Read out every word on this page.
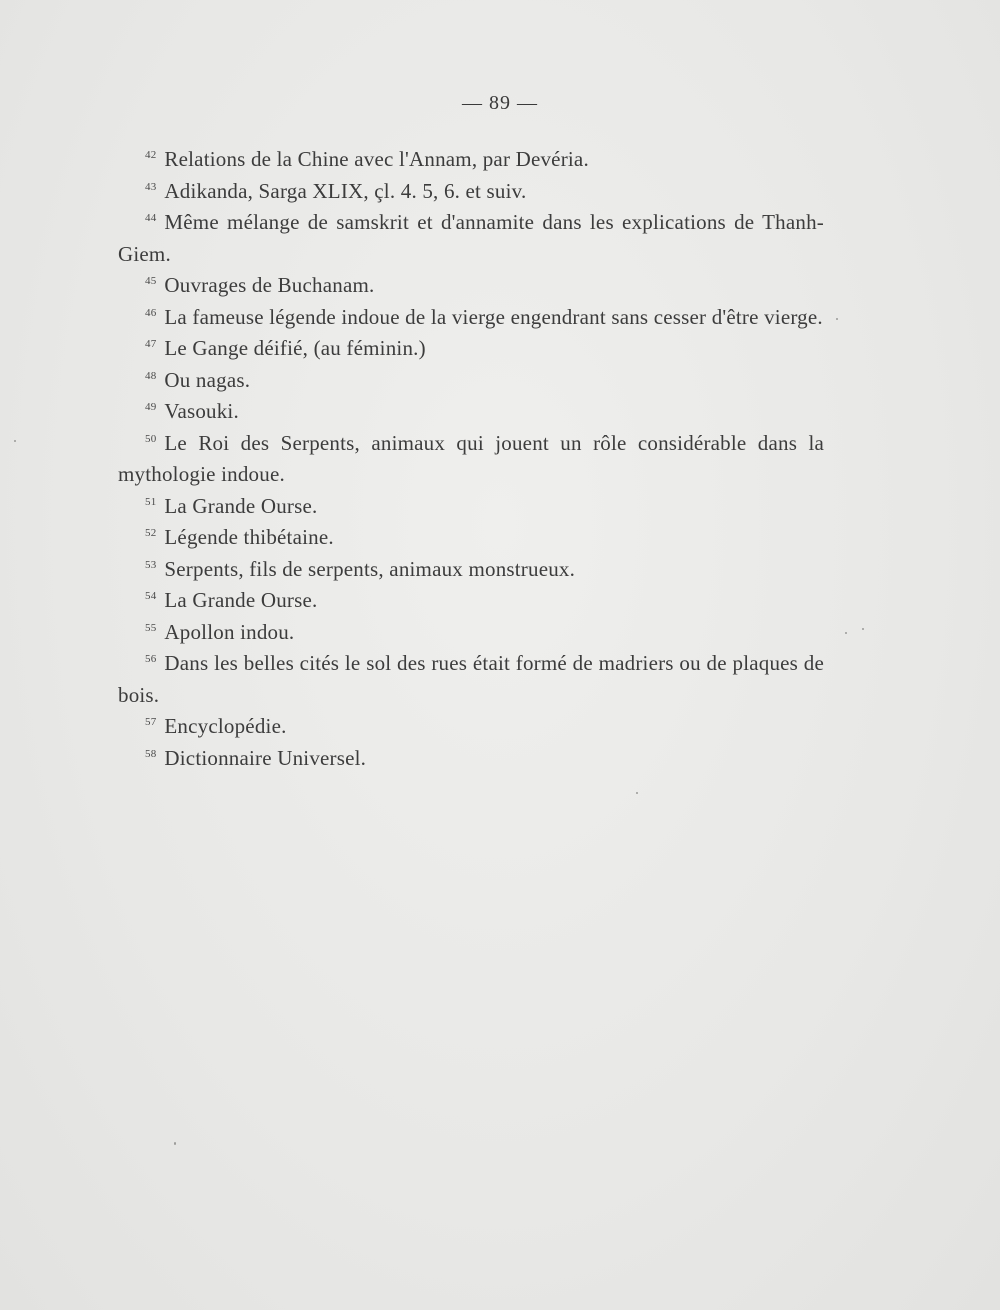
— 89 —

$^{42}$ Relations de la Chine avec l'Annam, par Devéria.

$^{43}$ Adikanda, Sarga XLIX, çl. 4. 5, 6. et suiv.

$^{44}$ Même mélange de samskrit et d'annamite dans les explications de Thanh-Giem.

$^{45}$ Ouvrages de Buchanam.

$^{46}$ La fameuse légende indoue de la vierge engendrant sans cesser d'être vierge.

$^{47}$ Le Gange déifié, (au féminin.)

$^{48}$ Ou nagas.

$^{49}$ Vasouki.

$^{50}$ Le Roi des Serpents, animaux qui jouent un rôle considérable dans la mythologie indoue.

$^{51}$ La Grande Ourse.

$^{52}$ Légende thibétaine.

$^{53}$ Serpents, fils de serpents, animaux monstrueux.

$^{54}$ La Grande Ourse.

$^{55}$ Apollon indou.

$^{56}$ Dans les belles cités le sol des rues était formé de madriers ou de plaques de bois.

$^{57}$ Encyclopédie.

$^{58}$ Dictionnaire Universel.
